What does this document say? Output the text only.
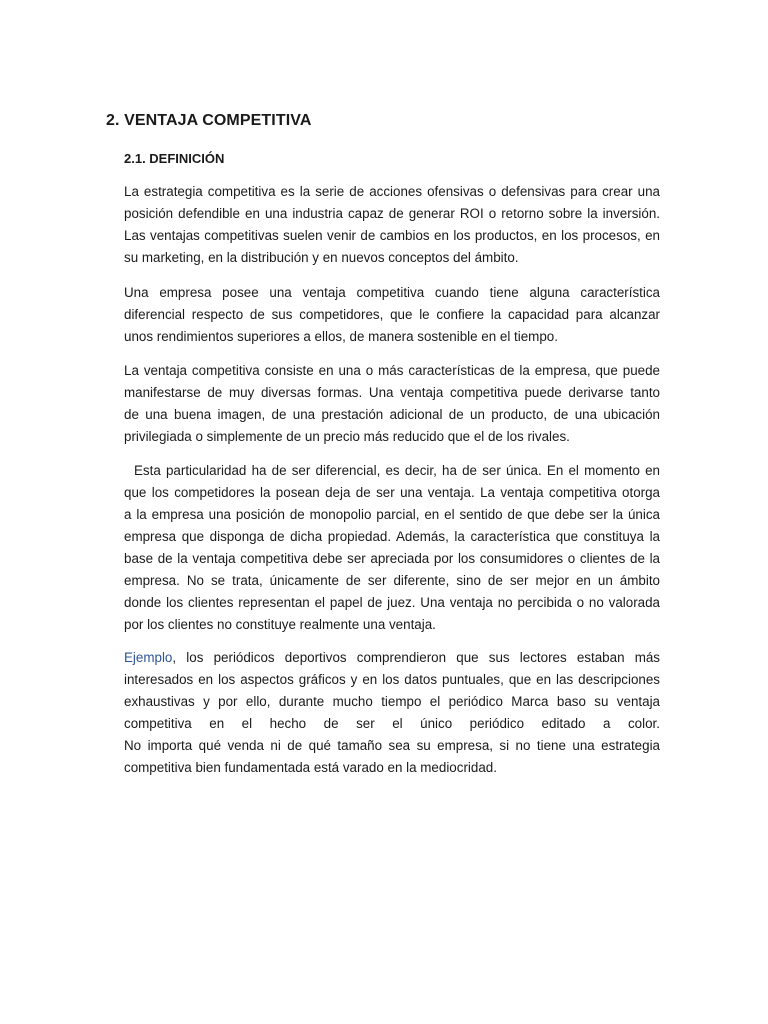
2. VENTAJA COMPETITIVA
2.1. DEFINICIÓN
La estrategia competitiva es la serie de acciones ofensivas o defensivas para crear una
posición defendible en una industria capaz de generar ROI o retorno sobre la inversión.
Las ventajas competitivas suelen venir de cambios en los productos, en los procesos, en
su marketing, en la distribución y en nuevos conceptos del ámbito.
Una empresa posee una ventaja competitiva cuando tiene alguna característica
diferencial respecto de sus competidores, que le confiere la capacidad para alcanzar
unos rendimientos superiores a ellos, de manera sostenible en el tiempo.
La ventaja competitiva consiste en una o más características de la empresa, que puede
manifestarse de muy diversas formas. Una ventaja competitiva puede derivarse tanto
de una buena imagen, de una prestación adicional de un producto, de una ubicación
privilegiada o simplemente de un precio más reducido que el de los rivales.
Esta particularidad ha de ser diferencial, es decir, ha de ser única. En el momento en
que los competidores la posean deja de ser una ventaja. La ventaja competitiva otorga
a la empresa una posición de monopolio parcial, en el sentido de que debe ser la única
empresa que disponga de dicha propiedad. Además, la característica que constituya la
base de la ventaja competitiva debe ser apreciada por los consumidores o clientes de la
empresa. No se trata, únicamente de ser diferente, sino de ser mejor en un ámbito
donde los clientes representan el papel de juez. Una ventaja no percibida o no valorada
por los clientes no constituye realmente una ventaja.
Ejemplo, los periódicos deportivos comprendieron que sus lectores estaban más
interesados en los aspectos gráficos y en los datos puntuales, que en las descripciones
exhaustivas y por ello, durante mucho tiempo el periódico Marca baso su ventaja
competitiva en el hecho de ser el único periódico editado a color.
No importa qué venda ni de qué tamaño sea su empresa, si no tiene una estrategia
competitiva bien fundamentada está varado en la mediocridad.
